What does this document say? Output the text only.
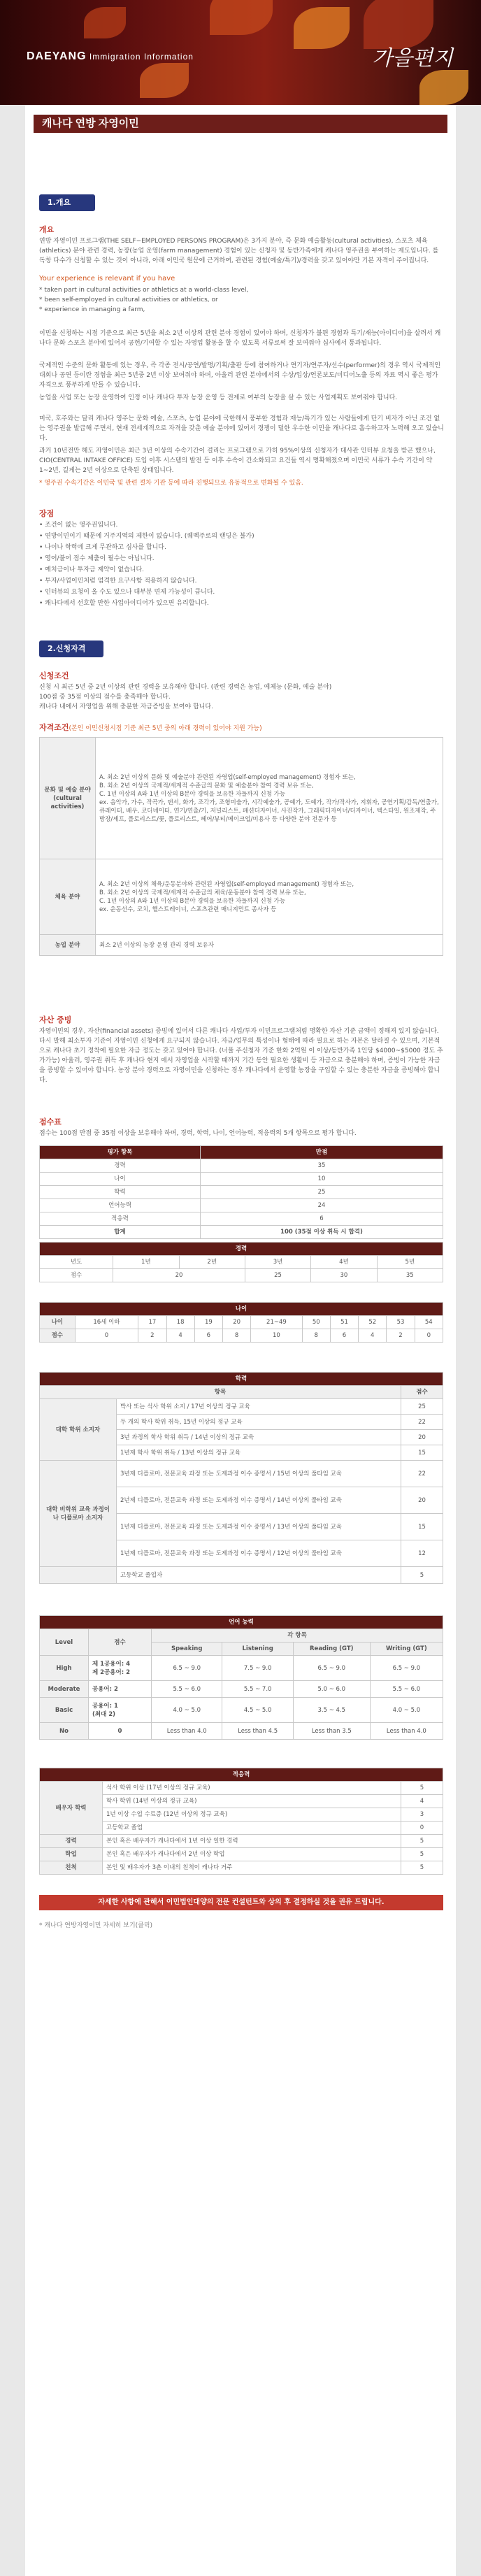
DAEYANG Immigration Information	가을편지
캐나다 연방 자영이민
1.개요
개요
연방 자영이민 프로그램(THE SELF−EMPLOYED PERSONS PROGRAM)은 3가지 분야, 즉 문화 예술활동(cultural activities), 스포츠 체육(athletics) 분야 관련 경력, 농장(농업 운영(farm management) 경험이 있는 신청자 및 동반가족에게 캐나다 영주권을 부여하는 제도입니다. 를독창 다수가 신청할 수 있는 것이 아니라, 아래 이민국 원문에 근거하여, 관련된 경험(예술/특기)/경력을 갖고 있어야만 기본 자격이 주어집니다.
Your experience is relevant if you have
* taken part in cultural activities or athletics at a world-class level,
* been self-employed in cultural activities or athletics, or
* experience in managing a farm,
이민을 신청하는 시점 기준으로 최근 5년을 최소 2년 이상의 관련 분야 경험이 있어야 하며, 신청자가 불편 경험과 특기/재능(아이디어)을 살려서 캐나다 문화 스포츠 분야에 있어서 공헌/기여할 수 있는 자영업 활동을 할 수 있도록 서류로써 잘 보여줘야 심사에서 통과됩니다.
국제적인 수준의 문화 활동에 있는 경우, 즉 각종 전시/공연/발명/기획/출판 등에 참여하거나 연기자/연주자/선수(performer)의 경우 역시 국제적인 대회나 공연 등이란 경험을 최근 5년중 2년 이상 보여줘야 하며, 아울러 관련 분야에서의 수상/입상/언론보도/미디어노출 등의 자료 역시 좋은 평가 자격으로 풍부하게 만들 수 있습니다.
농업을 사업 또는 농장 운영하여 인정 이나 캐나다 투자 농장 운영 등 전제로 여부의 농장을 살 수 있는 사업계획도 보여줘야 합니다.
미국, 호주와는 달리 캐나다 영주는 문화 예술, 스포츠, 농업 분야에 국한해서 풍부한 경험과 재능/특기가 있는 사람들에게 단기 비자가 아닌 조건 없는 영주권을 발급해 주면서, 현재 전세계적으로 자격을 갖춘 예술 분야에 있어서 경쟁이 덜한 우수한 이민을 캐나다로 흡수하고자 노력해 오고 있습니다.
과거 10년전만 해도 자영이민은 최근 3년 이상의 수속기간이 걸리는 프로그램으로 가히 95%이상의 신청자가 대사관 인터뷰 요청을 받곤 했으나, CIO(CENTRAL INTAKE OFFICE) 도입 이후 시스템의 발전 등 이후 수속이 간소화되고 요건들 역시 명확해졌으며 이민국 서류가 수속 기간이 약 1~2년, 길게는 2년 이상으로 단축된 상태입니다.
* 영주권 수속기간은 이민국 및 관련 절차 기관 등에 따라 진행되므로 유동적으로 변화될 수 있음.
장점
• 조건이 없는 영주권입니다.
• 연방이민이기 때문에 거주지역의 제한이 없습니다. (퀘벡주로의 랜딩은 불가)
• 나이나 학력에 크게 무관하고 심사를 합니다.
• 영어/불어 점수 제출이 필수는 아닙니다.
• 예치금이나 투자금 제약이 없습니다.
• 투자/사업이민처럼 엄격한 요구사항 적용하지 않습니다.
• 인터뷰의 요청이 올 수도 있으나 대부분 면제 가능성이 큽니다.
• 캐나다에서 선호할 만한 사업아이디어가 있으면 유리합니다.
2.신청자격
신청조건
신청 시 최근 5년 중 2년 이상의 관련 경력을 보유해야 합니다. (관련 경력은 농업, 예체능 (문화, 예술 분야)
100점 중 35점 이상의 점수를 충족해야 합니다.
캐나다 내에서 자영업을 위해 충분한 자금증빙을 보여야 합니다.
자격조건(본인 이민신청시점 기준 최근 5년 중의 아래 경력이 있어야 지원 가능)
문화 및 예술 분야 (cultural activities)	A. 최소 2년 이상의 문화 및 예술분야 관련된 자영업(self-employed management) 경험자 또는,
B. 최소 2년 이상의 국제적/세계적 수준급의 문화 및 예술분야 참여 경력 보유 또는,
C. 1년 이상의 A와 1년 이상의 B분야 경력을 보유한 자들까지 신청 가능
ex. 음악가, 가수, 작곡가, 댄서, 화가, 조각가, 조형미술가, 시각예술가, 공예가, 도예가, 작가/작사가, 지휘자, 공연기획/감독/연출가, 큐레이터, 배우, 코디네이터, 연기/연출/기, 저널리스트, 패션디자이너, 사진작가, 그래픽디자이너/디자이너, 텍스타일, 원조제작, 주방장/셰프, 플로리스트/꽃, 플로리스트, 헤어/뷰티/메이크업/미용사 등 다양한 분야 전문가 등

체육 분야	A. 최소 2년 이상의 체육/운동분야와 관련된 자영업(self-employed management) 경험자 또는,
B. 최소 2년 이상의 국제적/세계적 수준급의 체육/운동분야 참여 경력 보유 또는,
C. 1년 이상의 A와 1년 이상의 B분야 경력을 보유한 자들까지 신청 가능
ex. 운동선수, 코치, 헬스트레이너, 스포츠관련 매니지먼트 종사자 등

농업 분야	최소 2년 이상의 농장 운영 관리 경력 보유자
자산 증빙
자영이민의 경우, 자산(financial assets) 증빙에 있어서 다른 캐나다 사업/투자 이민프로그램처럼 명확한 자산 기준 금액이 정해져 있지 않습니다. 다시 말해 최소투자 기준이 자영이민 신청에게 요구되지 않습니다. 자금/업무의 특성이나 형태에 따라 필요로 하는 자본은 달라질 수 있으며, 기본적으로 캐나다 초기 정착에 필요한 자금 정도는 갖고 있어야 합니다. (너풀 주신청자 기준 한화 2억원 이 이상/동반가족 1인당 $4000~$5000 정도 추가가능) 아울러, 영주권 취득 후 캐나다 현지 에서 자영업을 시작할 때까지 기간 동안 필요한 생활비 등 자금으로 충분해야 하며, 증빙이 가능한 자금을 증빙할 수 있어야 합니다. 농장 분야 경력으로 자영이민을 신청하는 경우 캐나다에서 운영할 농장을 구입할 수 있는 충분한 자금을 증빙해야 합니다.
점수표
점수는 100점 만점 중 35점 이상을 보유해야 하며, 경력, 학력, 나이, 언어능력, 적응력의 5개 항목으로 평가 합니다.
평가 항목	만점
경력	35
나이	10
학력	25
언어능력	24
적응력	6
합계	100 (35점 이상 취득 시 합격)
경력					
년도	1년	2년	3년	4년	5년
점수	20		25	30	35
나이											
나이	16세 이하	17	18	19	20	21~49	50	51	52	53	54
점수	0	2	4	6	8	10	8	6	4	2	0
학력		
항목		점수
대학 학위 소지자	박사 또는 석사 학위 소지 / 17년 이상의 정규 교육	25
	두 개의 학사 학위 취득, 15년 이상의 정규 교육	22
	3년 과정의 학사 학위 취득 / 14년 이상의 정규 교육	20
	1년제 학사 학위 취득 / 13년 이상의 정규 교육	15
대학 비학위 교육 과정이나 디플로마 소지자	3년제 디플로마, 전문교육 과정 또는 도제과정 이수 증명서 / 15년 이상의 풀타임 교육	22
	2년제 디플로마, 전문교육 과정 또는 도제과정 이수 증명서 / 14년 이상의 풀타임 교육	20
	1년제 디플로마, 전문교육 과정 또는 도제과정 이수 증명서 / 13년 이상의 풀타임 교육	15
	1년제 디플로마, 전문교육 과정 또는 도제과정 이수 증명서 / 12년 이상의 풀타임 교육	12
	고등학교 졸업자	5
언어 능력					
Level	점수	각 항목			
		Speaking	Listening	Reading (GT)	Writing (GT)
High	제 1공용어: 4
제 2공용어: 2	6.5 ~ 9.0	7.5 ~ 9.0	6.5 ~ 9.0	6.5 ~ 9.0
Moderate	공용어: 2	5.5 ~ 6.0	5.5 ~ 7.0	5.0 ~ 6.0	5.5 ~ 6.0
Basic	공용어: 1
(최대 2)	4.0 ~ 5.0	4.5 ~ 5.0	3.5 ~ 4.5	4.0 ~ 5.0
No	0	Less than 4.0	Less than 4.5	Less than 3.5	Less than 4.0
적응력		
배우자 학력	석사 학위 이상 (17년 이상의 정규 교육)	5
	학사 학위 (14년 이상의 정규 교육)	4
	1년 이상 수업 수료증 (12년 이상의 정규 교육)	3
	고등학교 졸업	0
경력	본인 혹은 배우자가 캐나다에서 1년 이상 일한 경력	5
학업	본인 혹은 배우자가 캐나다에서 2년 이상 학업	5
친척	본인 및 배우자가 3촌 이내의 친척이 캐나다 거주	5
자세한 사항에 관해서 이민법인대양의 전문 컨설턴트와 상의 후 결정하실 것을 권유 드립니다.
* 캐나다 연방자영이민 자세히 보기(클릭)
